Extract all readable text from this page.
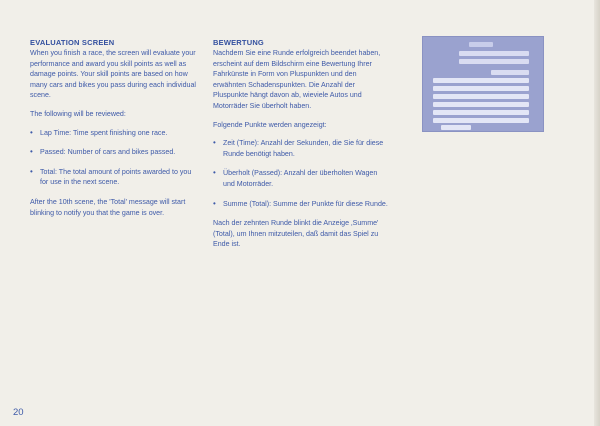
EVALUATION SCREEN

When you finish a race, the screen will evaluate your performance and award you skill points as well as damage points. Your skill points are based on how many cars and bikes you pass during each individual scene.

The following will be reviewed:

• Lap Time: Time spent finishing one race.
• Passed: Number of cars and bikes passed.
• Total: The total amount of points awarded to you for use in the next scene.

After the 10th scene, the 'Total' message will start blinking to notify you that the game is over.

BEWERTUNG

Nachdem Sie eine Runde erfolgreich beendet haben, erscheint auf dem Bildschirm eine Bewertung Ihrer Fahrkünste in Form von Pluspunkten und den erwähnten Schadenspunkten. Die Anzahl der Pluspunkte hängt davon ab, wieviele Autos und Motorräder Sie überholt haben.

Folgende Punkte werden angezeigt:

• Zeit (Time): Anzahl der Sekunden, die Sie für diese Runde benötigt haben.
• Überholt (Passed): Anzahl der überholten Wagen und Motorräder.
• Summe (Total): Summe der Punkte für diese Runde.

Nach der zehnten Runde blinkt die Anzeige ‚Summe' (Total), um Ihnen mitzuteilen, daß damit das Spiel zu Ende ist.

20
